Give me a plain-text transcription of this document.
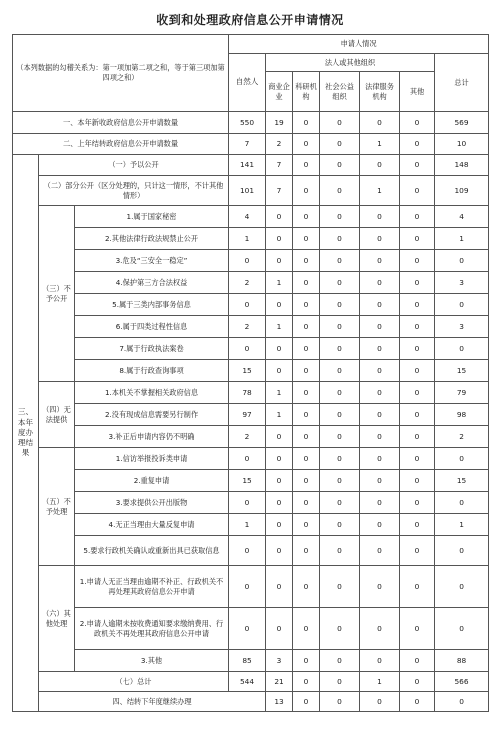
收到和处理政府信息公开申请情况
（本列数据的勾稽关系为：第一项加第二项之和，等于第三项加第四项之和）			申请人情况							
			自然人	法人或其他组织					总计	
				商业企业	科研机构	社会公益组织	法律服务机构	其他		
一、本年新收政府信息公开申请数量			550	19	0	0	0	0	569	
二、上年结转政府信息公开申请数量			7	2	0	0	1	0	10	
三、本年度办理结果	（一）予以公开		141	7	0	0	0	0	148	
	（二）部分公开（区分处理的，只计这一情形，不计其他情形）		101	7	0	0	1	0	109	
	（三）不予公开	1.属于国家秘密	4	0	0	0	0	0	4	
		2.其他法律行政法规禁止公开	1	0	0	0	0	0	1	
		3.危及“三安全一稳定”	0	0	0	0	0	0	0	
		4.保护第三方合法权益	2	1	0	0	0	0	3	
		5.属于三类内部事务信息	0	0	0	0	0	0	0	
		6.属于四类过程性信息	2	1	0	0	0	0	3	
		7.属于行政执法案卷	0	0	0	0	0	0	0	
		8.属于行政查询事项	15	0	0	0	0	0	15	
	（四）无法提供	1.本机关不掌握相关政府信息	78	1	0	0	0	0	79	
		2.没有现成信息需要另行制作	97	1	0	0	0	0	98	
		3.补正后申请内容仍不明确	2	0	0	0	0	0	2	
	（五）不予处理	1.信访举报投诉类申请	0	0	0	0	0	0	0	
		2.重复申请	15	0	0	0	0	0	15	
		3.要求提供公开出版物	0	0	0	0	0	0	0	
		4.无正当理由大量反复申请	1	0	0	0	0	0	1	
		5.要求行政机关确认或重新出具已获取信息	0	0	0	0	0	0	0	
	（六）其他处理	1.申请人无正当理由逾期不补正、行政机关不再处理其政府信息公开申请	0	0	0	0	0	0	0	
		2.申请人逾期未按收费通知要求缴纳费用、行政机关不再处理其政府信息公开申请	0	0	0	0	0	0	0	
		3.其他	85	3	0	0	0	0	88	
	（七）总计		544	21	0	0	1	0	566	
	四、结转下年度继续办理			13	0	0	0	0	0	
